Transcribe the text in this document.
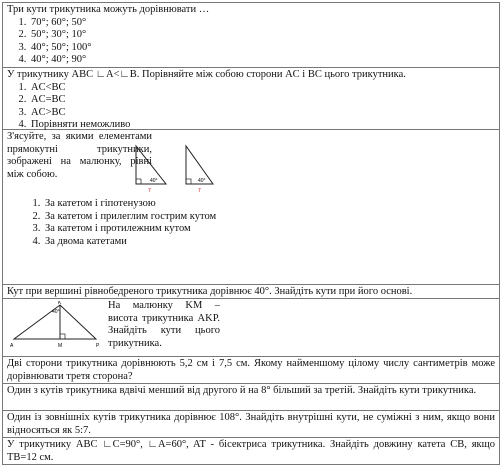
Три кути трикутника можуть дорівнювати …
1. 70°; 60°; 50°
2. 50°; 30°; 10°
3. 40°; 50°; 100°
4. 40°; 40°; 90°
У трикутнику ABC ∟A<∟B. Порівняйте між собою сторони AC і BC цього трикутника.
1. AC<BC
2. AC=BC
3. AC>BC
4. Порівняти неможливо
З'ясуйте, за якими елементами прямокутні трикутники, зображені на малюнку, рівні між собою.
40°
7
40°
7
1. За катетом і гіпотенузою
2. За катетом і прилеглим гострим кутом
3. За катетом і протилежним кутом
4. За двома катетами
Кут при вершині рівнобедреного трикутника дорівнює 40°. Знайдіть кути при його основі.
40°
K
A	M	P
На малюнку KM – висота трикутника AKP. Знайдіть кути цього трикутника.
Дві сторони трикутника дорівнюють 5,2 см і 7,5 см. Якому найменшому цілому числу сантиметрів може дорівнювати третя сторона?
Один з кутів трикутника вдвічі менший від другого й на 8° більший за третій. Знайдіть кути трикутника.
Один із зовнішніх кутів трикутника дорівнює 108°. Знайдіть внутрішні кути, не суміжні з ним, якщо вони відносяться як 5:7.
У трикутнику ABC ∟C=90°, ∟A=60°, AT - бісектриса трикутника. Знайдіть довжину катета CB, якщо TB=12 см.
